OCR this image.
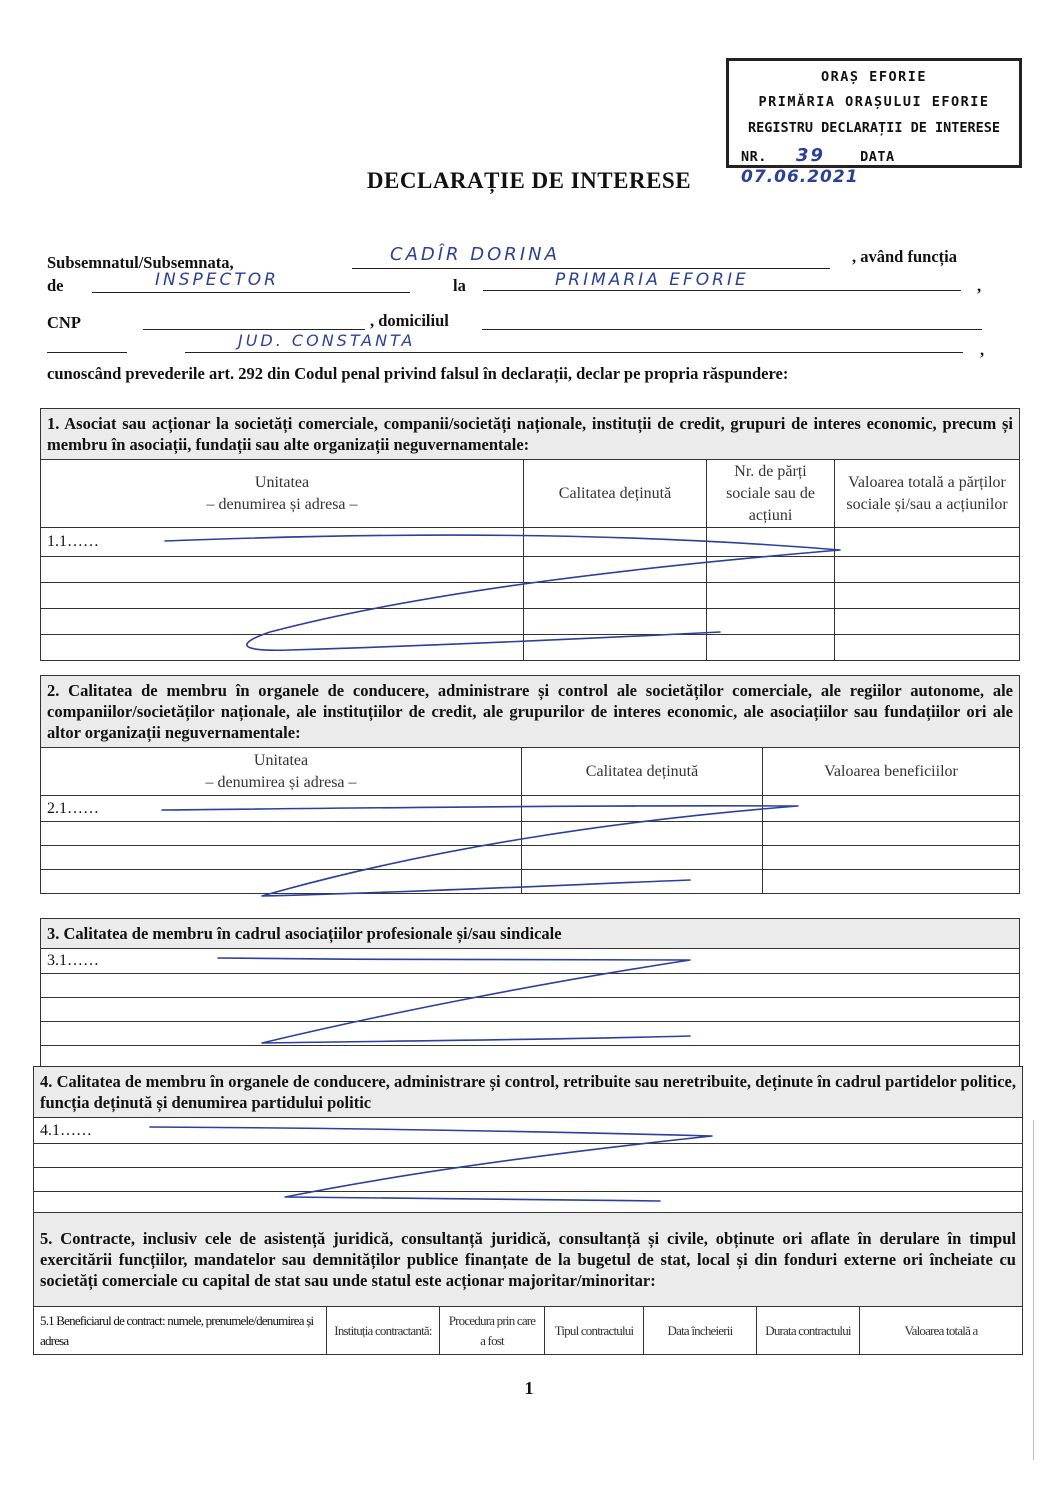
ORAȘ EFORIE
PRIMĂRIA ORAȘULUI EFORIE
REGISTRU DECLARAȚII DE INTERESE
NR. 39	DATA 07.06.2021
DECLARAȚIE DE INTERESE
Subsemnatul/Subsemnata,	CADÎR DORINA	, având funcția
de	INSPECTOR	la	PRIMARIA EFORIE	,
CNP	, domiciliul
JUD. CONSTANTA	,
cunoscând prevederile art. 292 din Codul penal privind falsul în declarații, declar pe propria răspundere:
1. Asociat sau acționar la societăți comerciale, companii/societăți naționale, instituții de credit, grupuri de interes economic, precum și membru în asociații, fundații sau alte organizații neguvernamentale:			

Unitatea
– denumirea și adresa –	Calitatea deținută	Nr. de părți sociale sau de acțiuni	Valoarea totală a părților sociale și/sau a acțiunilor
1.1……			

2. Calitatea de membru în organele de conducere, administrare și control ale societăților comerciale, ale regiilor autonome, ale companiilor/societăților naționale, ale instituțiilor de credit, ale grupurilor de interes economic, ale asociațiilor sau fundațiilor ori ale altor organizații neguvernamentale:		

Unitatea
– denumirea și adresa –	Calitatea deținută	Valoarea beneficiilor
2.1……		

3. Calitatea de membru în cadrul asociațiilor profesionale și/sau sindicale
3.1……

4. Calitatea de membru în organele de conducere, administrare și control, retribuite sau neretribuite, deținute în cadrul partidelor politice, funcția deținută și denumirea partidului politic
4.1……

5. Contracte, inclusiv cele de asistență juridică, consultanță juridică, consultanță și civile, obținute ori aflate în derulare în timpul exercitării funcțiilor, mandatelor sau demnităților publice finanțate de la bugetul de stat, local și din fonduri externe ori încheiate cu societăți comerciale cu capital de stat sau unde statul este acționar majoritar/minoritar:
5.1 Beneficiarul de contract: numele, prenumele/denumirea și adresa	Instituția contractantă:	Procedura prin care a fost	Tipul contractului	Data încheierii	Durata contractului	Valoarea totală a
1
